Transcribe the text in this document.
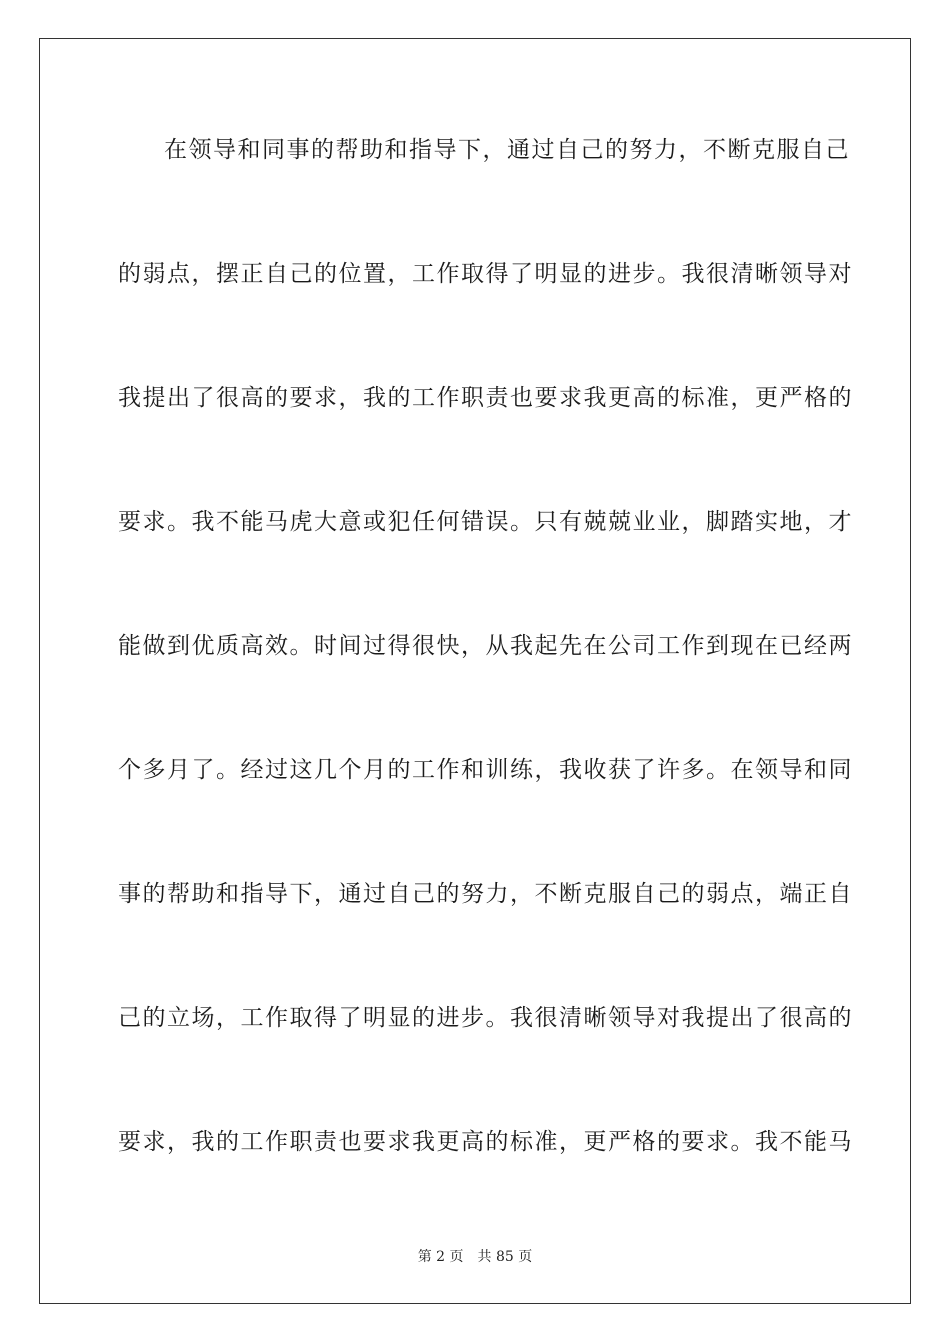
在领导和同事的帮助和指导下，通过自己的努力，不断克服自己
的弱点，摆正自己的位置，工作取得了明显的进步。我很清晰领导对
我提出了很高的要求，我的工作职责也要求我更高的标准，更严格的
要求。我不能马虎大意或犯任何错误。只有兢兢业业，脚踏实地，才
能做到优质高效。时间过得很快，从我起先在公司工作到现在已经两
个多月了。经过这几个月的工作和训练，我收获了许多。在领导和同
事的帮助和指导下，通过自己的努力，不断克服自己的弱点，端正自
己的立场，工作取得了明显的进步。我很清晰领导对我提出了很高的
要求，我的工作职责也要求我更高的标准，更严格的要求。我不能马
第 2 页 共 85 页
